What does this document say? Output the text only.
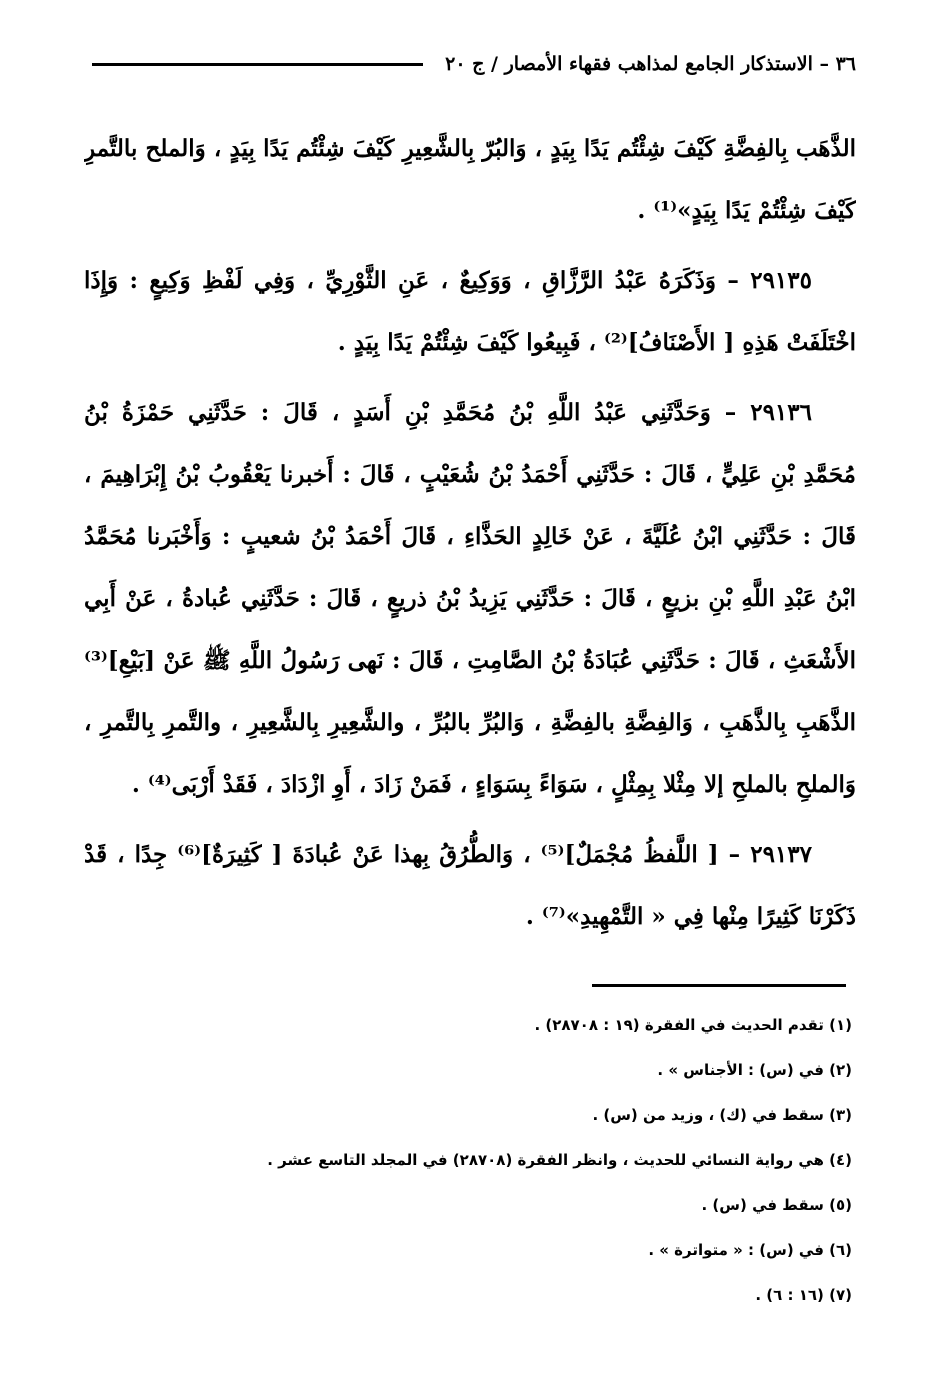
٣٦ – الاستذكار الجامع لمذاهب فقهاء الأمصار / ج ٢٠
الذَّهَب بِالفِضَّةِ كَيْفَ شِئْتُم يَدًا بِيَدٍ ، وَالبُرّ بِالشَّعِيرِ كَيْفَ شِئْتُم يَدًا بِيَدٍ ، وَالملح بالتَّمرِ
كَيْفَ شِئْتُمْ يَدًا بِيَدٍ»⁽¹⁾ .
٢٩١٣٥ – وَذَكَرَهُ عَبْدُ الرَّزَّاقِ ، وَوَكِيعٌ ، عَنِ الثَّوْرِيِّ ، وَفِي لَفْظِ وَكِيعٍ : وَإِذَا
اخْتَلَفَتْ هَذِهِ [ الأَصْنَافُ]⁽²⁾ ، فَبِيعُوا كَيْفَ شِئْتُمْ يَدًا بِيَدٍ .
٢٩١٣٦ – وَحَدَّثَنِي عَبْدُ اللَّهِ بْنُ مُحَمَّدِ بْنِ أَسَدٍ ، قَالَ : حَدَّثَنِي حَمْزَةُ بْنُ
مُحَمَّدِ بْنِ عَلِيٍّ ، قَالَ : حَدَّثَنِي أَحْمَدُ بْنُ شُعَيْبٍ ، قَالَ : أَخبرنا يَعْقُوبُ بْنُ إِبْرَاهِيمَ ،
قَالَ : حَدَّثَنِي ابْنُ عُلَيَّةَ ، عَنْ خَالِدٍ الحَذَّاءِ ، قَالَ أَحْمَدُ بْنُ شعيبٍ : وَأَخْبَرنا مُحَمَّدُ
ابْنُ عَبْدِ اللَّهِ بْنِ بزيعٍ ، قَالَ : حَدَّثَنِي يَزِيدُ بْنُ ذريعٍ ، قَالَ : حَدَّثَنِي عُبادةُ ، عَنْ أَبِي
الأَشْعَثِ ، قَالَ : حَدَّثَنِي عُبَادَةُ بْنُ الصَّامِتِ ، قَالَ : نَهى رَسُولُ اللَّهِ ﷺ عَنْ [بَيْعِ]⁽³⁾
الذَّهَبِ بِالذَّهَبِ ، وَالفِضَّةِ بالفِضَّةِ ، وَالبُرِّ بالبُرِّ ، والشَّعِيرِ بِالشَّعِيرِ ، والتَّمرِ بِالتَّمرِ ،
وَالملحِ بالملحِ إلا مِثْلا بِمِثْلٍ ، سَوَاءً بِسَوَاءٍ ، فَمَنْ زَادَ ، أَوِ ازْدَادَ ، فَقَدْ أَرْبَى⁽⁴⁾ .
٢٩١٣٧ – [ اللَّفظُ مُجْمَلٌ]⁽⁵⁾ ، وَالطُّرُقُ بِهذا عَنْ عُبادَةَ [ كَثِيرَةٌ]⁽⁶⁾ جِدًا ، قَدْ
ذَكَرْنَا كَثِيرًا مِنْها فِي « التَّمْهِيدِ»⁽⁷⁾ .
(١) تقدم الحديث في الفقرة (١٩ : ٢٨٧٠٨) .
(٢) في (س) : الأجناس » .
(٣) سقط في (ك) ، وزيد من (س) .
(٤) هي رواية النسائي للحديث ، وانظر الفقرة (٢٨٧٠٨) في المجلد التاسع عشر .
(٥) سقط في (س) .
(٦) في (س) : « متواترة » .
(٧) (١٦ : ٦) .
